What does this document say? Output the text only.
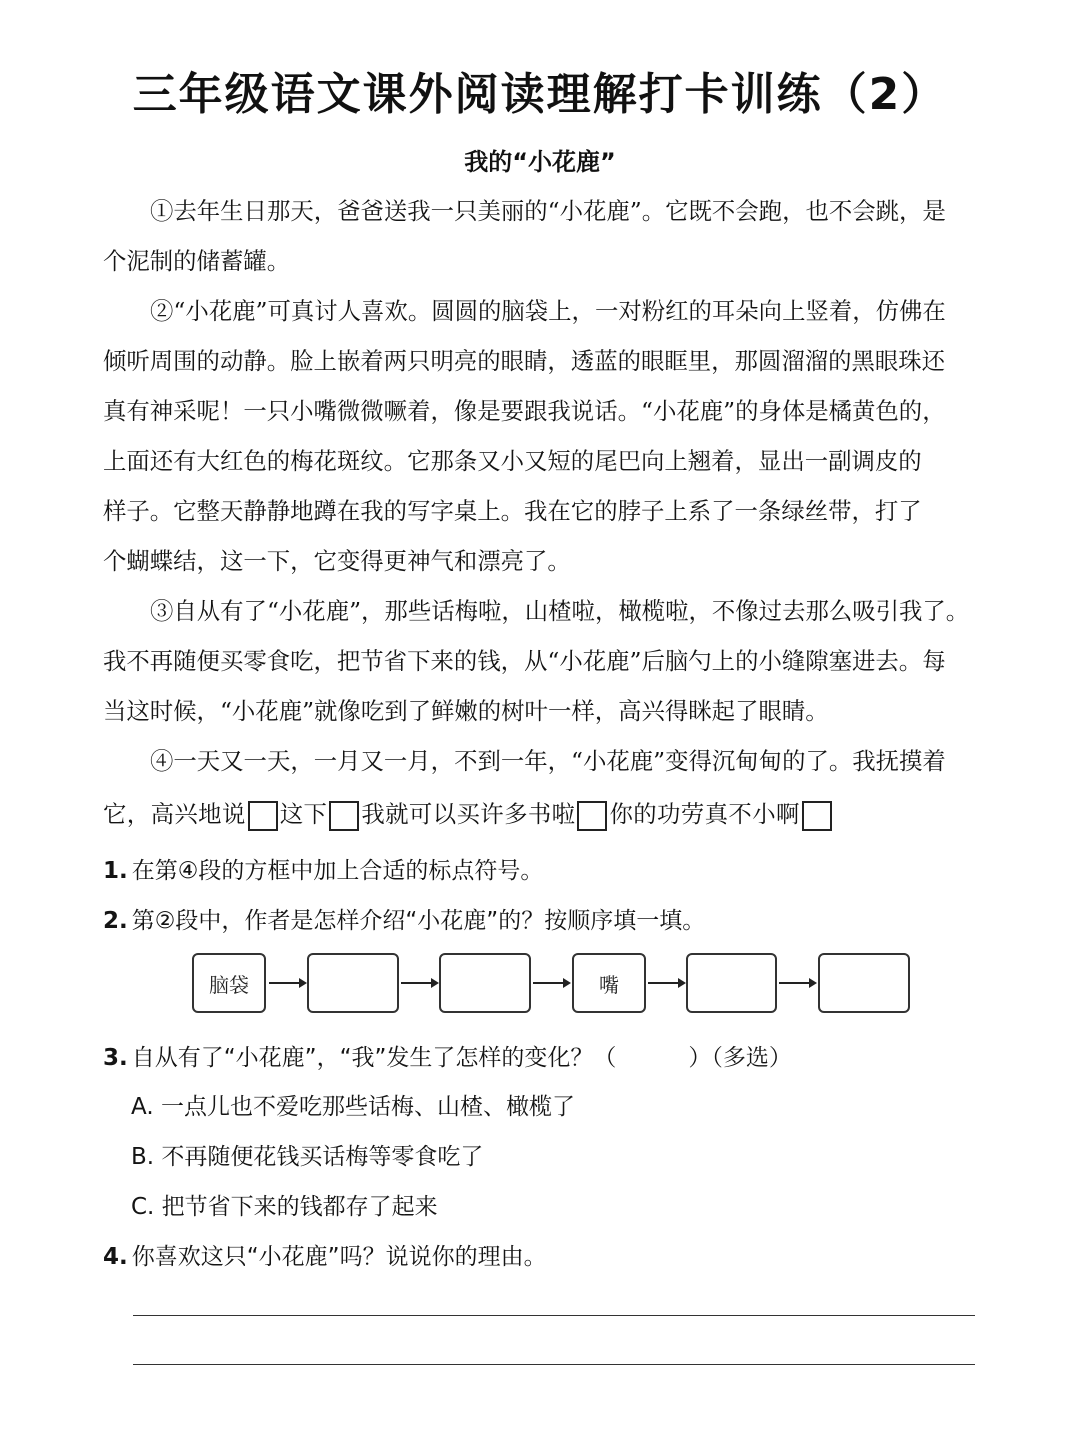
三年级语文课外阅读理解打卡训练（2）
我的“小花鹿”
①去年生日那天，爸爸送我一只美丽的“小花鹿”。它既不会跑，也不会跳，是
个泥制的储蓄罐。
②“小花鹿”可真讨人喜欢。圆圆的脑袋上，一对粉红的耳朵向上竖着，仿佛在
倾听周围的动静。脸上嵌着两只明亮的眼睛，透蓝的眼眶里，那圆溜溜的黑眼珠还
真有神采呢！一只小嘴微微噘着，像是要跟我说话。“小花鹿”的身体是橘黄色的，
上面还有大红色的梅花斑纹。它那条又小又短的尾巴向上翘着，显出一副调皮的
样子。它整天静静地蹲在我的写字桌上。我在它的脖子上系了一条绿丝带，打了
个蝴蝶结，这一下，它变得更神气和漂亮了。
③自从有了“小花鹿”，那些话梅啦，山楂啦，橄榄啦，不像过去那么吸引我了。
我不再随便买零食吃，把节省下来的钱，从“小花鹿”后脑勺上的小缝隙塞进去。每
当这时候，“小花鹿”就像吃到了鲜嫩的树叶一样，高兴得眯起了眼睛。
④一天又一天，一月又一月，不到一年，“小花鹿”变得沉甸甸的了。我抚摸着
它，高兴地说 这下 我就可以买许多书啦 你的功劳真不小啊
1. 在第④段的方框中加上合适的标点符号。
2. 第②段中，作者是怎样介绍“小花鹿”的？按顺序填一填。
脑袋	嘴
3. 自从有了“小花鹿”，“我”发生了怎样的变化？（	）（多选）
A. 一点儿也不爱吃那些话梅、山楂、橄榄了
B. 不再随便花钱买话梅等零食吃了
C. 把节省下来的钱都存了起来
4. 你喜欢这只“小花鹿”吗？说说你的理由。
